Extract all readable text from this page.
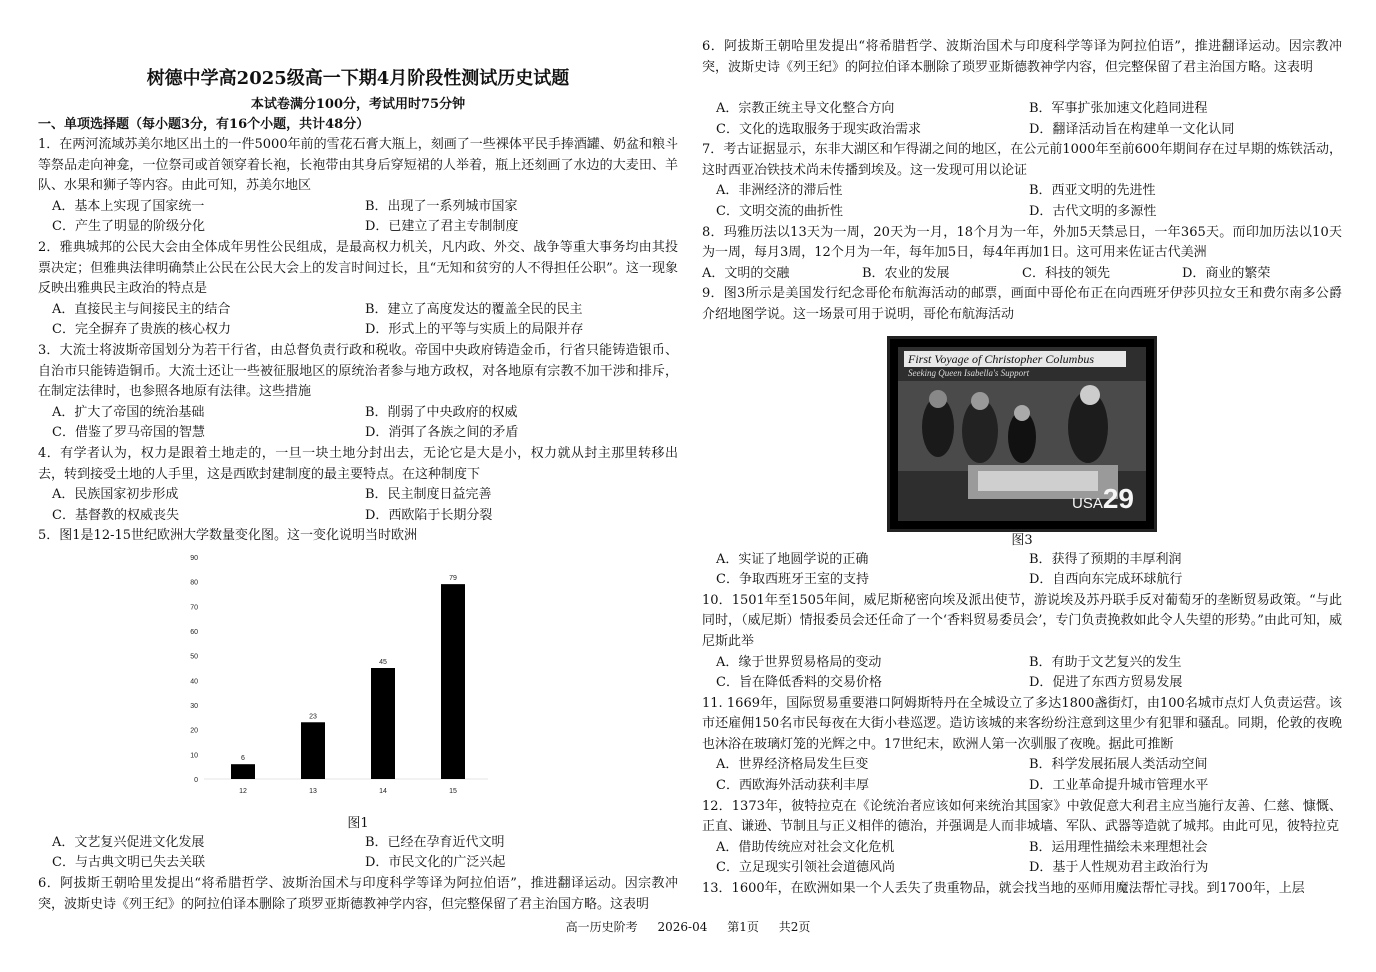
树德中学高2025级高一下期4月阶段性测试历史试题
本试卷满分100分，考试用时75分钟
一、单项选择题（每小题3分，有16个小题，共计48分）
1．在两河流域苏美尔地区出土的一件5000年前的雪花石膏大瓶上，刻画了一些裸体平民手捧酒罐、奶盆和粮斗等祭品走向神龛，一位祭司或首领穿着长袍，长袍带由其身后穿短裙的人举着，瓶上还刻画了水边的大麦田、羊队、水果和狮子等内容。由此可知，苏美尔地区
A．基本上实现了国家统一	B．出现了一系列城市国家
C．产生了明显的阶级分化	D．已建立了君主专制制度
2．雅典城邦的公民大会由全体成年男性公民组成，是最高权力机关，凡内政、外交、战争等重大事务均由其投票决定；但雅典法律明确禁止公民在公民大会上的发言时间过长，且“无知和贫穷的人不得担任公职”。这一现象反映出雅典民主政治的特点是
A．直接民主与间接民主的结合	B．建立了高度发达的覆盖全民的民主
C．完全摒弃了贵族的核心权力	D．形式上的平等与实质上的局限并存
3．大流士将波斯帝国划分为若干行省，由总督负责行政和税收。帝国中央政府铸造金币，行省只能铸造银币、自治市只能铸造铜币。大流士还让一些被征服地区的原统治者参与地方政权，对各地原有宗教不加干涉和排斥，在制定法律时，也参照各地原有法律。这些措施
A．扩大了帝国的统治基础	B．削弱了中央政府的权威
C．借鉴了罗马帝国的智慧	D．消弭了各族之间的矛盾
4．有学者认为，权力是跟着土地走的，一旦一块土地分封出去，无论它是大是小，权力就从封主那里转移出去，转到接受土地的人手里，这是西欧封建制度的最主要特点。在这种制度下
A．民族国家初步形成	B．民主制度日益完善
C．基督教的权威丧失	D．西欧陷于长期分裂
5．图1是12-15世纪欧洲大学数量变化图。这一变化说明当时欧洲
0
10
20
30
40
50
60
70
80
90
6
12
23
13
45
14
79
15
图1
A．文艺复兴促进文化发展	B．已经在孕育近代文明
C．与古典文明已失去关联	D．市民文化的广泛兴起
6．阿拔斯王朝哈里发提出“将希腊哲学、波斯治国术与印度科学等译为阿拉伯语”，推进翻译运动。因宗教冲突，波斯史诗《列王纪》的阿拉伯译本删除了琐罗亚斯德教神学内容，但完整保留了君主治国方略。这表明
6．阿拔斯王朝哈里发提出“将希腊哲学、波斯治国术与印度科学等译为阿拉伯语”，推进翻译运动。因宗教冲突，波斯史诗《列王纪》的阿拉伯译本删除了琐罗亚斯德教神学内容，但完整保留了君主治国方略。这表明
A．宗教正统主导文化整合方向	B．军事扩张加速文化趋同进程
C．文化的选取服务于现实政治需求	D．翻译活动旨在构建单一文化认同
7．考古证据显示，东非大湖区和乍得湖之间的地区，在公元前1000年至前600年期间存在过早期的炼铁活动，这时西亚冶铁技术尚未传播到埃及。这一发现可用以论证
A．非洲经济的滞后性	B．西亚文明的先进性
C．文明交流的曲折性	D．古代文明的多源性
8．玛雅历法以13天为一周，20天为一月，18个月为一年，外加5天禁忌日，一年365天。而印加历法以10天为一周，每月3周，12个月为一年，每年加5日，每4年再加1日。这可用来佐证古代美洲
A．文明的交融	B．农业的发展	C．科技的领先	D．商业的繁荣
9．图3所示是美国发行纪念哥伦布航海活动的邮票，画面中哥伦布正在向西班牙伊莎贝拉女王和费尔南多公爵介绍地图学说。这一场景可用于说明，哥伦布航海活动
First Voyage of Christopher Columbus
Seeking Queen Isabella's Support
USA29
图3
A．实证了地圆学说的正确	B．获得了预期的丰厚利润
C．争取西班牙王室的支持	D．自西向东完成环球航行
10．1501年至1505年间，威尼斯秘密向埃及派出使节，游说埃及苏丹联手反对葡萄牙的垄断贸易政策。“与此同时，（威尼斯）情报委员会还任命了一个‘香料贸易委员会’，专门负责挽救如此令人失望的形势。”由此可知，威尼斯此举
A．缘于世界贸易格局的变动	B．有助于文艺复兴的发生
C．旨在降低香料的交易价格	D．促进了东西方贸易发展
11. 1669年，国际贸易重要港口阿姆斯特丹在全城设立了多达1800盏街灯，由100名城市点灯人负责运营。该市还雇佣150名市民每夜在大街小巷巡逻。造访该城的来客纷纷注意到这里少有犯罪和骚乱。同期，伦敦的夜晚也沐浴在玻璃灯笼的光辉之中。17世纪末，欧洲人第一次驯服了夜晚。据此可推断
A．世界经济格局发生巨变	B．科学发展拓展人类活动空间
C．西欧海外活动获利丰厚	D．工业革命提升城市管理水平
12．1373年，彼特拉克在《论统治者应该如何来统治其国家》中敦促意大利君主应当施行友善、仁慈、慷慨、正直、谦逊、节制且与正义相伴的德治，并强调是人而非城墙、军队、武器等造就了城邦。由此可见，彼特拉克
A．借助传统应对社会文化危机	B．运用理性描绘未来理想社会
C．立足现实引领社会道德风尚	D．基于人性规劝君主政治行为
13．1600年，在欧洲如果一个人丢失了贵重物品，就会找当地的巫师用魔法帮忙寻找。到1700年，上层
高一历史阶考 2026-04 第1页 共2页
